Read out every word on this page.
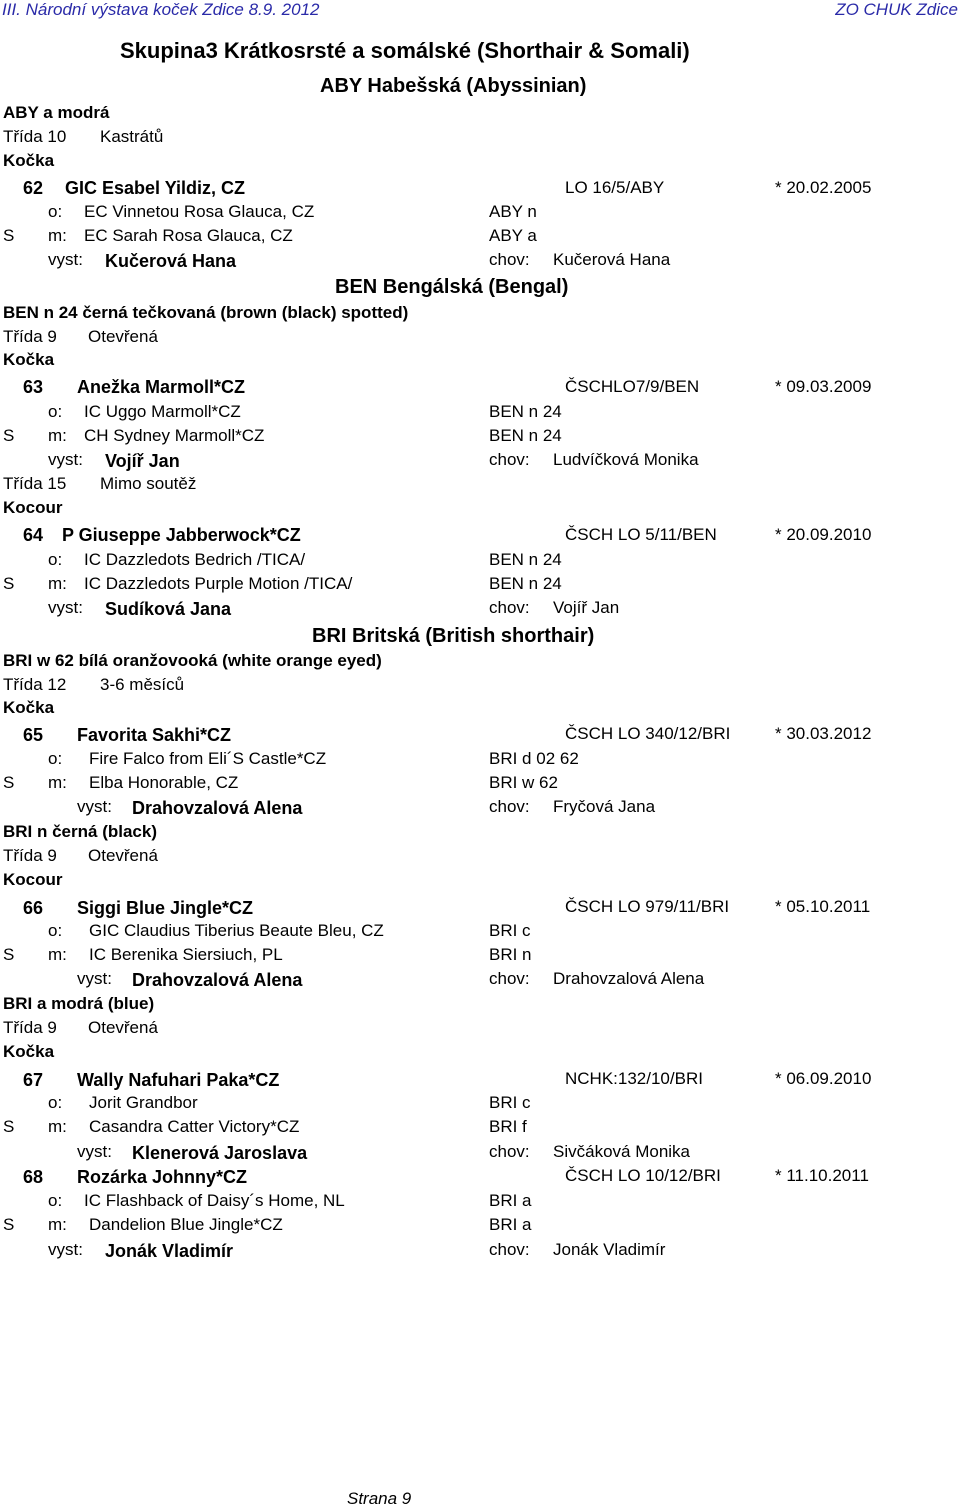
III. Národní výstava koček Zdice 8.9. 2012	ZO CHUK Zdice
Skupina3 Krátkosrsté a somálské (Shorthair & Somali)
ABY Habešská (Abyssinian)
ABY a modrá
Třída 10 Kastrátů
Kočka
62 GIC Esabel Yildiz, CZ	LO 16/5/ABY	* 20.02.2005
o: EC Vinnetou Rosa Glauca, CZ	ABY n
S m: EC Sarah Rosa Glauca, CZ	ABY a
vyst: Kučerová Hana	chov: Kučerová Hana
BEN Bengálská (Bengal)
BEN n 24 černá tečkovaná (brown (black) spotted)
Třída 9 Otevřená
Kočka
63 Anežka Marmoll*CZ	ČSCHLO7/9/BEN	* 09.03.2009
o: IC Uggo Marmoll*CZ	BEN n 24
S m: CH Sydney Marmoll*CZ	BEN n 24
vyst: Vojíř Jan	chov: Ludvíčková Monika
Třída 15 Mimo soutěž
Kocour
64 P Giuseppe Jabberwock*CZ	ČSCH LO 5/11/BEN	* 20.09.2010
o: IC Dazzledots Bedrich /TICA/	BEN n 24
S m: IC Dazzledots Purple Motion /TICA/	BEN n 24
vyst: Sudíková Jana	chov: Vojíř Jan
BRI Britská (British shorthair)
BRI w 62 bílá oranžovooká (white orange eyed)
Třída 12 3-6 měsíců
Kočka
65 Favorita Sakhi*CZ	ČSCH LO 340/12/BRI	* 30.03.2012
o: Fire Falco from Eli´S Castle*CZ	BRI d 02 62
S m: Elba Honorable, CZ	BRI w 62
vyst: Drahovzalová Alena	chov: Fryčová Jana
BRI n černá (black)
Třída 9 Otevřená
Kocour
66 Siggi Blue Jingle*CZ	ČSCH LO 979/11/BRI	* 05.10.2011
o: GIC Claudius Tiberius Beaute Bleu, CZ	BRI c
S m: IC Berenika Siersiuch, PL	BRI n
vyst: Drahovzalová Alena	chov: Drahovzalová Alena
BRI a modrá (blue)
Třída 9 Otevřená
Kočka
67 Wally Nafuhari Paka*CZ	NCHK:132/10/BRI	* 06.09.2010
o: Jorit Grandbor	BRI c
S m: Casandra Catter Victory*CZ	BRI f
vyst: Klenerová Jaroslava	chov: Sivčáková Monika
68 Rozárka Johnny*CZ	ČSCH LO 10/12/BRI	* 11.10.2011
o: IC Flashback of Daisy´s Home, NL	BRI a
S m: Dandelion Blue Jingle*CZ	BRI a
vyst: Jonák Vladimír	chov: Jonák Vladimír
Strana 9
